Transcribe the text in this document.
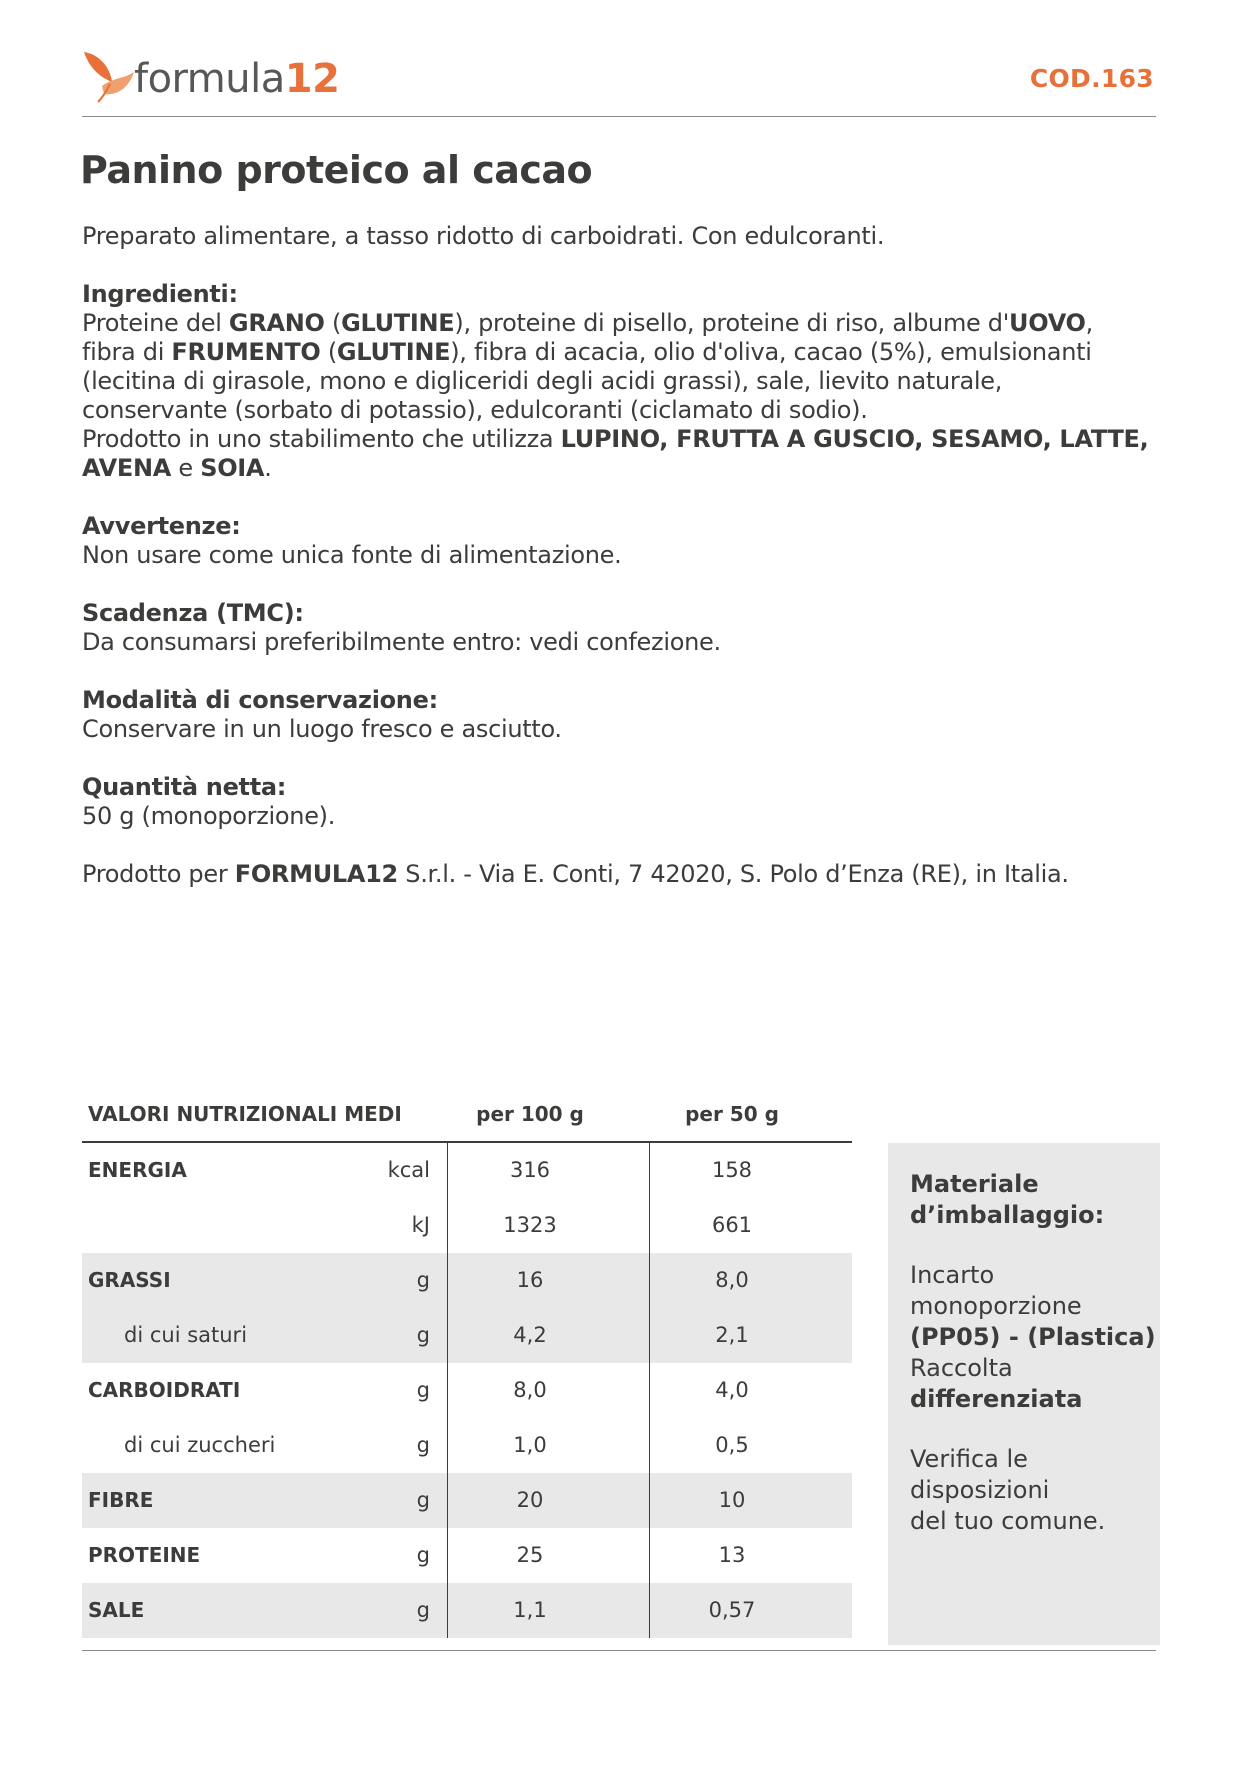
formula12	COD.163
Panino proteico al cacao
Preparato alimentare, a tasso ridotto di carboidrati. Con edulcoranti.
Ingredienti:
Proteine del GRANO (GLUTINE), proteine di pisello, proteine di riso, albume d'UOVO,
fibra di FRUMENTO (GLUTINE), fibra di acacia, olio d'oliva, cacao (5%), emulsionanti
(lecitina di girasole, mono e digliceridi degli acidi grassi), sale, lievito naturale,
conservante (sorbato di potassio), edulcoranti (ciclamato di sodio).
Prodotto in uno stabilimento che utilizza LUPINO, FRUTTA A GUSCIO, SESAMO, LATTE,
AVENA e SOIA.
Avvertenze:
Non usare come unica fonte di alimentazione.
Scadenza (TMC):
Da consumarsi preferibilmente entro: vedi confezione.
Modalità di conservazione:
Conservare in un luogo fresco e asciutto.
Quantità netta:
50 g (monoporzione).
Prodotto per FORMULA12 S.r.l. - Via E. Conti, 7 42020, S. Polo d’Enza (RE), in Italia.
VALORI NUTRIZIONALI MEDI	per 100 g	per 50 g
ENERGIA	kcal	316	158
kJ	1323	661
GRASSI	g	16	8,0
di cui saturi	g	4,2	2,1
CARBOIDRATI	g	8,0	4,0
di cui zuccheri	g	1,0	0,5
FIBRE	g	20	10
PROTEINE	g	25	13
SALE	g	1,1	0,57
Materiale
d’imballaggio:
Incarto
monoporzione
(PP05) - (Plastica)
Raccolta
differenziata
Verifica le
disposizioni
del tuo comune.
